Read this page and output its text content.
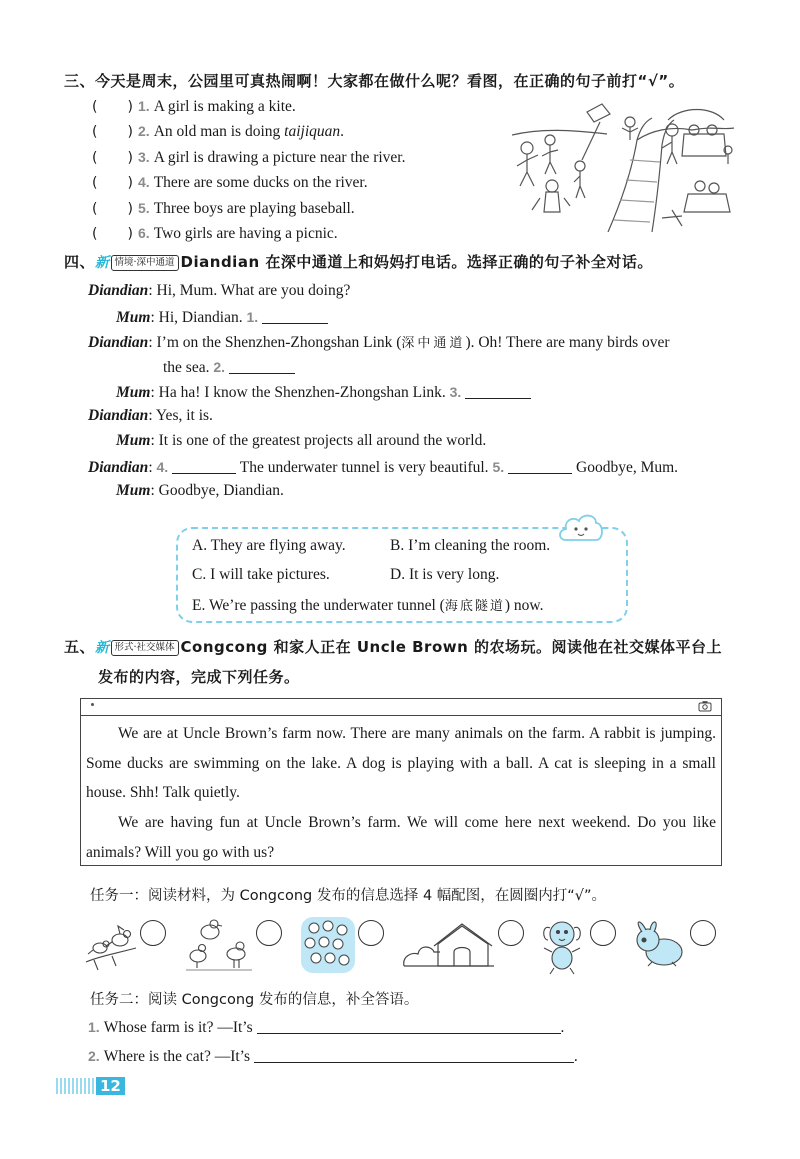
三、今天是周末，公园里可真热闹啊！大家都在做什么呢？看图，在正确的句子前打“√”。
( ) 1. A girl is making a kite.
( ) 2. An old man is doing taijiquan.
( ) 3. A girl is drawing a picture near the river.
( ) 4. There are some ducks on the river.
( ) 5. Three boys are playing baseball.
( ) 6. Two girls are having a picnic.
四、新 情境·深中通道 Diandian 在深中通道上和妈妈打电话。选择正确的句子补全对话。
Diandian: Hi, Mum. What are you doing?
Mum: Hi, Diandian. 1.
Diandian: I’m on the Shenzhen-Zhongshan Link (深中通道). Oh! There are many birds over
the sea. 2.
Mum: Ha ha! I know the Shenzhen-Zhongshan Link. 3.
Diandian: Yes, it is.
Mum: It is one of the greatest projects all around the world.
Diandian: 4.	The underwater tunnel is very beautiful. 5.	Goodbye, Mum.
Mum: Goodbye, Diandian.
A. They are flying away.	B. I’m cleaning the room.
C. I will take pictures.	D. It is very long.
E. We’re passing the underwater tunnel (海底隧道) now.
五、新 形式·社交媒体 Congcong 和家人正在 Uncle Brown 的农场玩。阅读他在社交媒体平台上
发布的内容，完成下列任务。
We are at Uncle Brown’s farm now. There are many animals on the farm. A rabbit is jumping. Some ducks are swimming on the lake. A dog is playing with a ball. A cat is sleeping in a small house. Shh! Talk quietly.
We are having fun at Uncle Brown’s farm. We will come here next weekend. Do you like animals? Will you go with us?
任务一：阅读材料，为 Congcong 发布的信息选择 4 幅配图，在圆圈内打“√”。
任务二：阅读 Congcong 发布的信息，补全答语。
1. Whose farm is it? —It’s	.
2. Where is the cat? —It’s	.
12
